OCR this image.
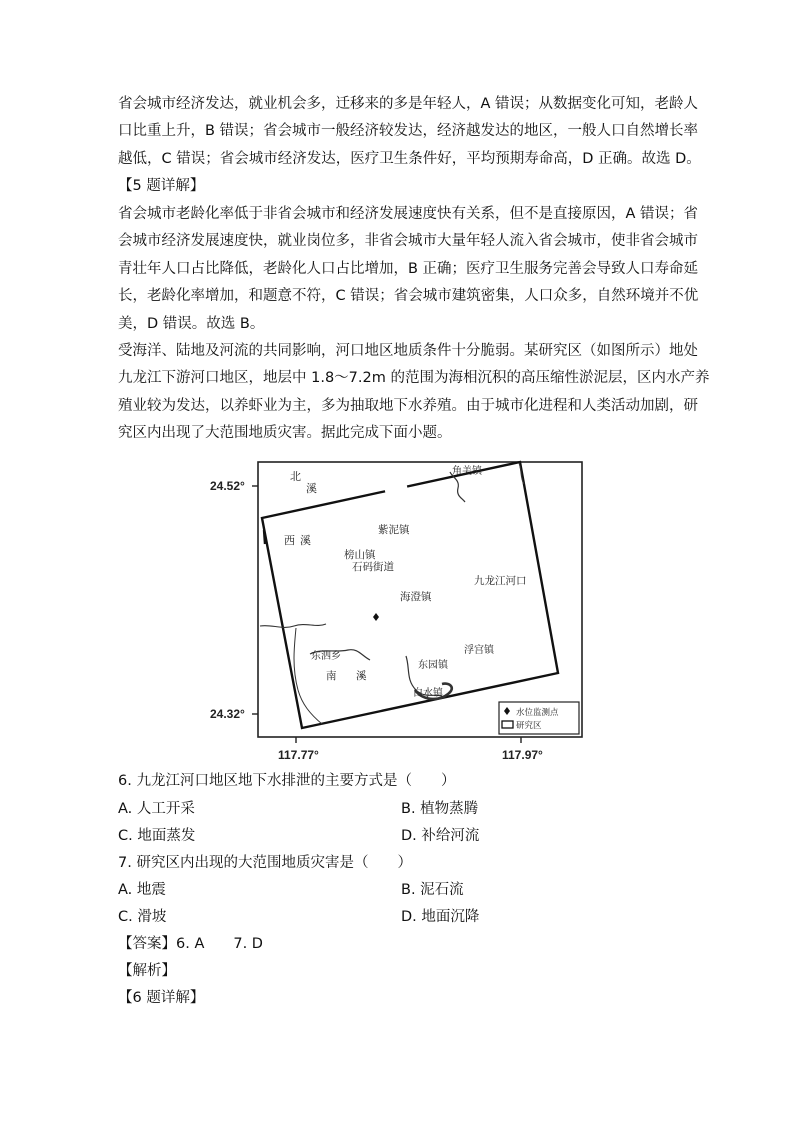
省会城市经济发达，就业机会多，迁移来的多是年轻人，A 错误；从数据变化可知，老龄人
口比重上升，B 错误；省会城市一般经济较发达，经济越发达的地区，一般人口自然增长率
越低，C 错误；省会城市经济发达，医疗卫生条件好，平均预期寿命高，D 正确。故选 D。
【5 题详解】
省会城市老龄化率低于非省会城市和经济发展速度快有关系，但不是直接原因，A 错误；省
会城市经济发展速度快，就业岗位多，非省会城市大量年轻人流入省会城市，使非省会城市
青壮年人口占比降低，老龄化人口占比增加，B 正确；医疗卫生服务完善会导致人口寿命延
长，老龄化率增加，和题意不符，C 错误；省会城市建筑密集，人口众多，自然环境并不优
美，D 错误。故选 B。
受海洋、陆地及河流的共同影响，河口地区地质条件十分脆弱。某研究区（如图所示）地处
九龙江下游河口地区，地层中 1.8～7.2m 的范围为海相沉积的高压缩性淤泥层，区内水产养
殖业较为发达，以养虾业为主，多为抽取地下水养殖。由于城市化进程和人类活动加剧，研
究区内出现了大范围地质灾害。据此完成下面小题。
24.52°
24.32°
117.77°	117.97°
北
溪
角美镇
西 溪
紫泥镇
榜山镇
石码街道
九龙江河口
海澄镇
东泗乡
浮宫镇
南 溪
东园镇
白水镇
水位监测点
研究区
6. 九龙江河口地区地下水排泄的主要方式是（　　）
A. 人工开采	B. 植物蒸腾
C. 地面蒸发	D. 补给河流
7. 研究区内出现的大范围地质灾害是（　　）
A. 地震	B. 泥石流
C. 滑坡	D. 地面沉降
【答案】6. A　　7. D
【解析】
【6 题详解】
